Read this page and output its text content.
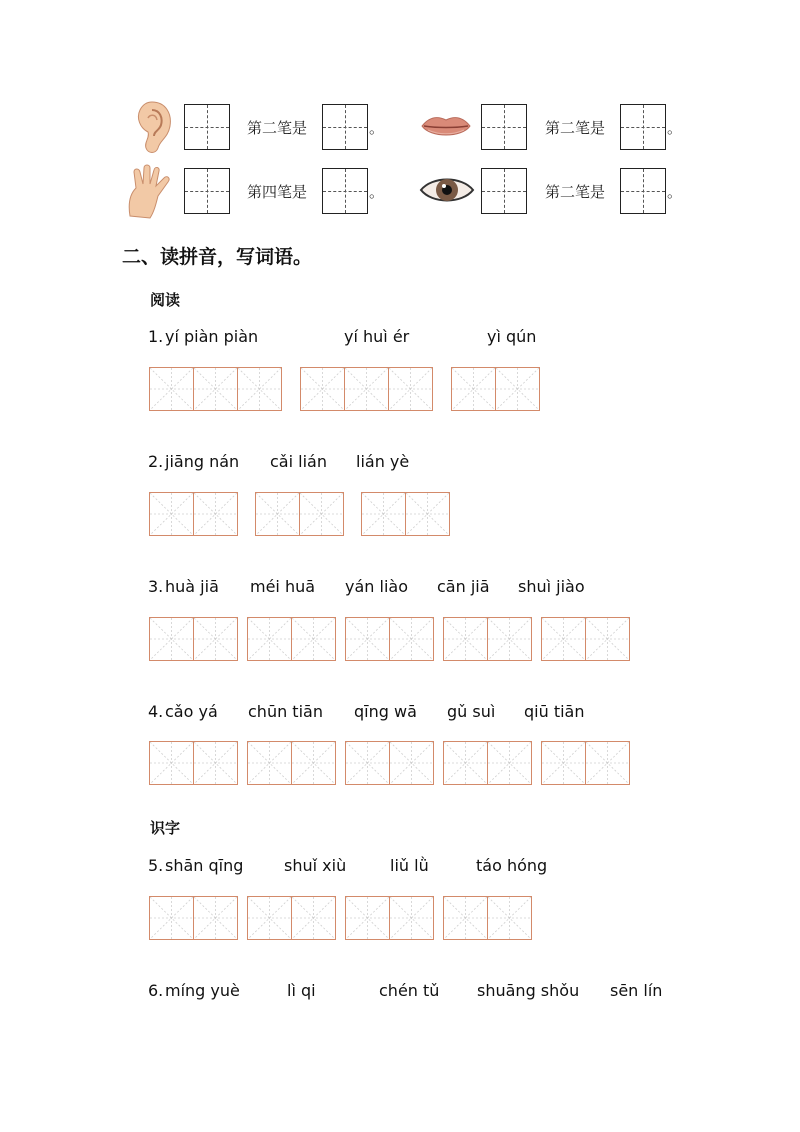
第二笔是	。	第二笔是	。
第四笔是	。	第二笔是	。
二、读拼音，写词语。
阅读
识字
1. yí piàn piàn	yí huì ér	yì qún
2. jiāng nán cǎi lián lián yè
3. huà jiā méi huā yán liào cān jiā shuì jiào
4. cǎo yá chūn tiān qīng wā gǔ suì qiū tiān
5. shān qīng	shuǐ xiù	liǔ lǜ	táo hóng
6. míng yuè	lì qi	chén tǔ shuāng shǒu sēn lín
